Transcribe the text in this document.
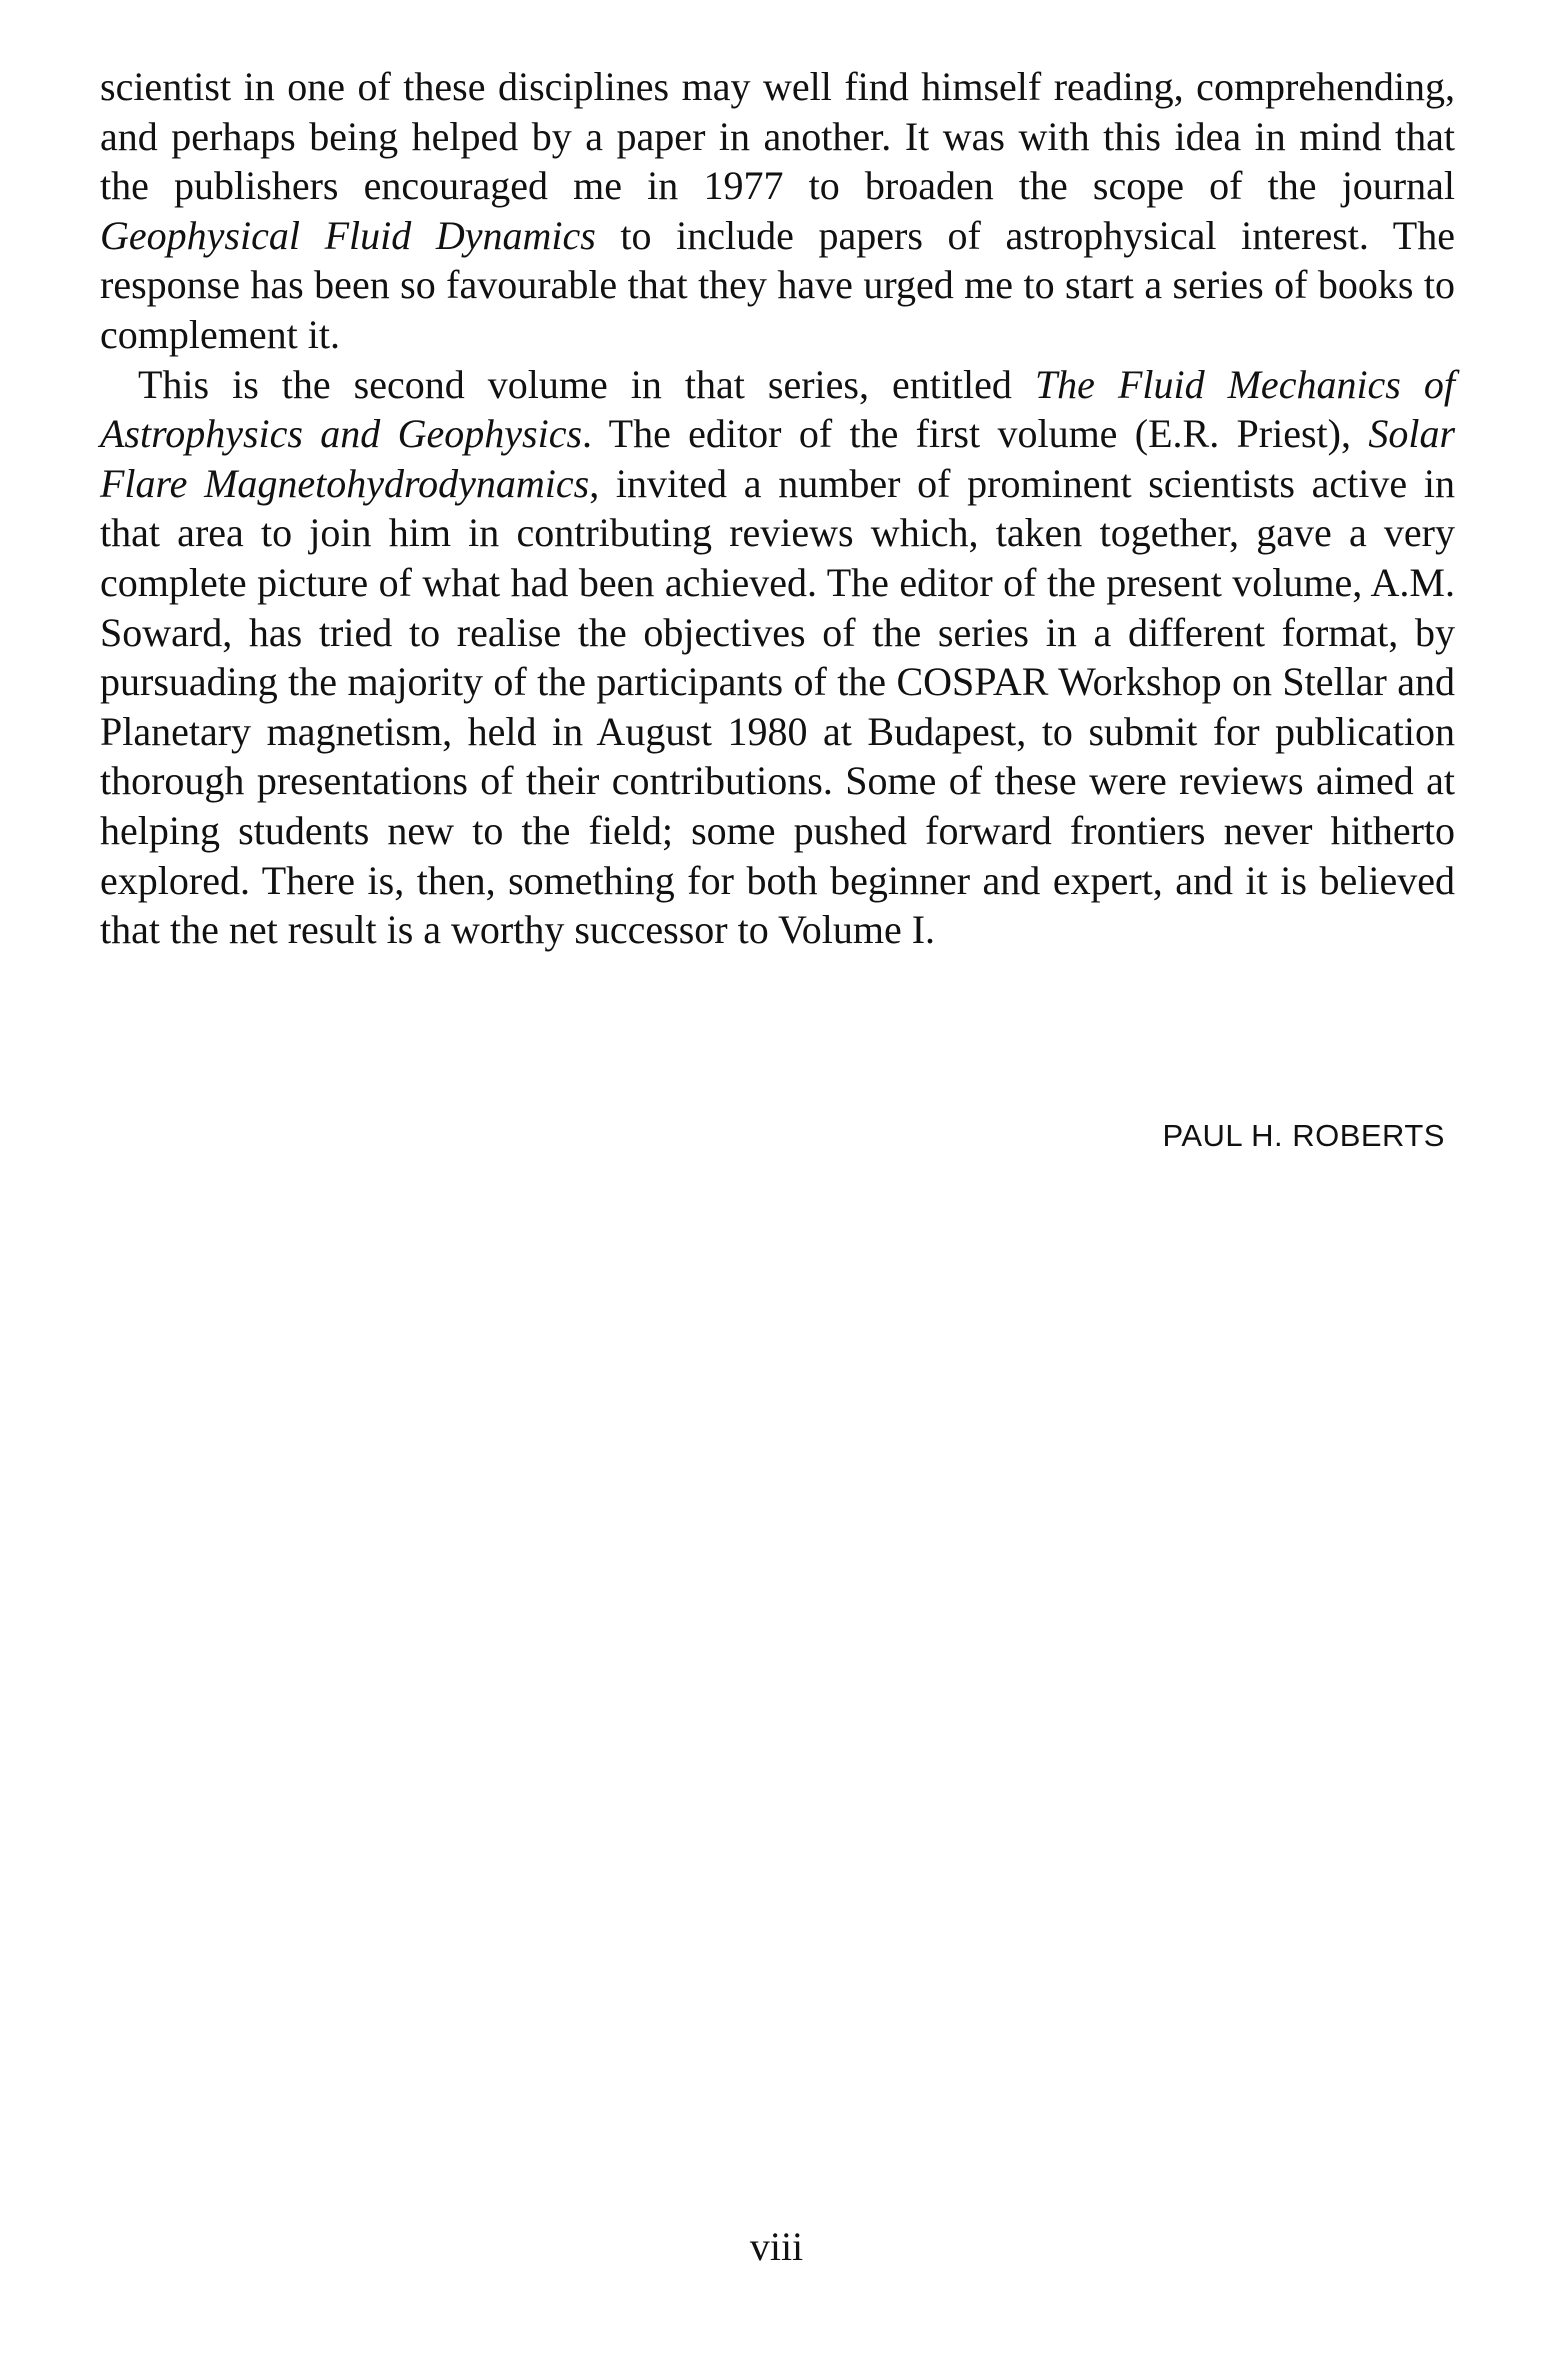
scientist in one of these disciplines may well find himself reading, comprehending, and perhaps being helped by a paper in another. It was with this idea in mind that the publishers encouraged me in 1977 to broaden the scope of the journal Geophysical Fluid Dynamics to include papers of astrophysical interest. The response has been so favourable that they have urged me to start a series of books to complement it.

This is the second volume in that series, entitled The Fluid Mechanics of Astrophysics and Geophysics. The editor of the first volume (E.R. Priest), Solar Flare Magnetohydrodynamics, invited a number of prominent scientists active in that area to join him in contributing reviews which, taken together, gave a very complete picture of what had been achieved. The editor of the present volume, A.M. Soward, has tried to realise the objectives of the series in a different format, by pursuading the majority of the participants of the COSPAR Workshop on Stellar and Planetary magnetism, held in August 1980 at Budapest, to submit for publication thorough presentations of their contributions. Some of these were reviews aimed at helping students new to the field; some pushed forward frontiers never hitherto explored. There is, then, something for both beginner and expert, and it is believed that the net result is a worthy successor to Volume I.

PAUL H. ROBERTS

viii
